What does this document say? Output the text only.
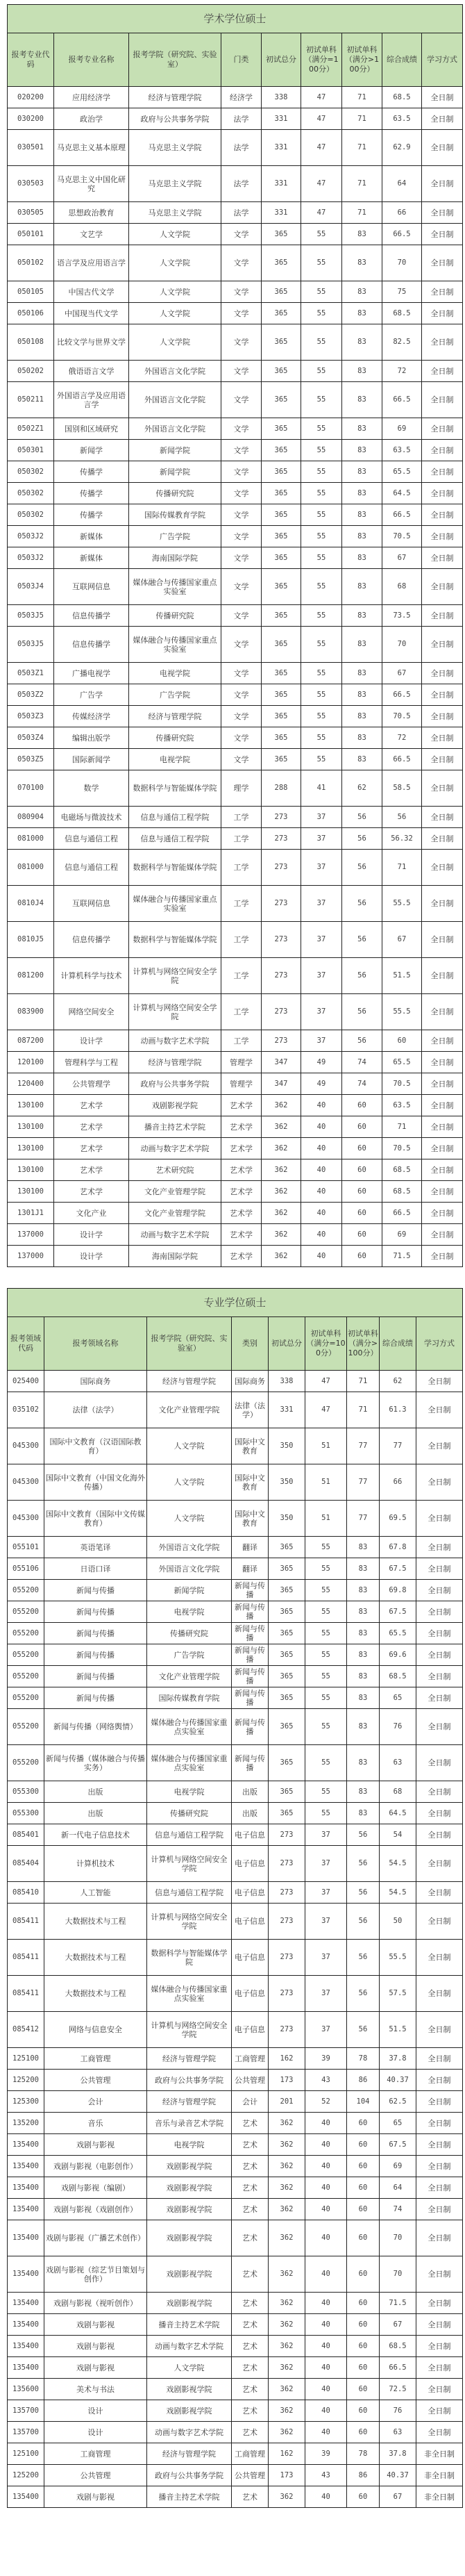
学术学位硕士								
报考专业代码	报考专业名称	报考学院（研究院、实验室）	门类	初试总分	初试单科（满分=100分）	初试单科（满分>100分）	综合成绩	学习方式
020200	应用经济学	经济与管理学院	经济学	338	47	71	68.5	全日制
030200	政治学	政府与公共事务学院	法学	331	47	71	63.5	全日制
030501	马克思主义基本原理	马克思主义学院	法学	331	47	71	62.9	全日制
030503	马克思主义中国化研究	马克思主义学院	法学	331	47	71	64	全日制
030505	思想政治教育	马克思主义学院	法学	331	47	71	66	全日制
050101	文艺学	人文学院	文学	365	55	83	66.5	全日制
050102	语言学及应用语言学	人文学院	文学	365	55	83	70	全日制
050105	中国古代文学	人文学院	文学	365	55	83	75	全日制
050106	中国现当代文学	人文学院	文学	365	55	83	68.5	全日制
050108	比较文学与世界文学	人文学院	文学	365	55	83	82.5	全日制
050202	俄语语言文学	外国语言文化学院	文学	365	55	83	72	全日制
050211	外国语言学及应用语言学	外国语言文化学院	文学	365	55	83	66.5	全日制
0502Z1	国别和区域研究	外国语言文化学院	文学	365	55	83	69	全日制
050301	新闻学	新闻学院	文学	365	55	83	63.5	全日制
050302	传播学	新闻学院	文学	365	55	83	65.5	全日制
050302	传播学	传播研究院	文学	365	55	83	64.5	全日制
050302	传播学	国际传媒教育学院	文学	365	55	83	66.5	全日制
0503J2	新媒体	广告学院	文学	365	55	83	70.5	全日制
0503J2	新媒体	海南国际学院	文学	365	55	83	67	全日制
0503J4	互联网信息	媒体融合与传播国家重点实验室	文学	365	55	83	68	全日制
0503J5	信息传播学	传播研究院	文学	365	55	83	73.5	全日制
0503J5	信息传播学	媒体融合与传播国家重点实验室	文学	365	55	83	70	全日制
0503Z1	广播电视学	电视学院	文学	365	55	83	67	全日制
0503Z2	广告学	广告学院	文学	365	55	83	66.5	全日制
0503Z3	传媒经济学	经济与管理学院	文学	365	55	83	70.5	全日制
0503Z4	编辑出版学	传播研究院	文学	365	55	83	72	全日制
0503Z5	国际新闻学	电视学院	文学	365	55	83	66.5	全日制
070100	数学	数据科学与智能媒体学院	理学	288	41	62	58.5	全日制
080904	电磁场与微波技术	信息与通信工程学院	工学	273	37	56	56	全日制
081000	信息与通信工程	信息与通信工程学院	工学	273	37	56	56.32	全日制
081000	信息与通信工程	数据科学与智能媒体学院	工学	273	37	56	71	全日制
0810J4	互联网信息	媒体融合与传播国家重点实验室	工学	273	37	56	55.5	全日制
0810J5	信息传播学	数据科学与智能媒体学院	工学	273	37	56	67	全日制
081200	计算机科学与技术	计算机与网络空间安全学院	工学	273	37	56	51.5	全日制
083900	网络空间安全	计算机与网络空间安全学院	工学	273	37	56	55.5	全日制
087200	设计学	动画与数字艺术学院	工学	273	37	56	60	全日制
120100	管理科学与工程	经济与管理学院	管理学	347	49	74	65.5	全日制
120400	公共管理学	政府与公共事务学院	管理学	347	49	74	70.5	全日制
130100	艺术学	戏剧影视学院	艺术学	362	40	60	63.5	全日制
130100	艺术学	播音主持艺术学院	艺术学	362	40	60	71	全日制
130100	艺术学	动画与数字艺术学院	艺术学	362	40	60	70.5	全日制
130100	艺术学	艺术研究院	艺术学	362	40	60	68.5	全日制
130100	艺术学	文化产业管理学院	艺术学	362	40	60	68.5	全日制
1301J1	文化产业	文化产业管理学院	艺术学	362	40	60	66.5	全日制
137000	设计学	动画与数字艺术学院	艺术学	362	40	60	69	全日制
137000	设计学	海南国际学院	艺术学	362	40	60	71.5	全日制
专业学位硕士								
报考领域代码	报考领域名称	报考学院（研究院、实验室）	类别	初试总分	初试单科（满分=100分）	初试单科（满分>100分）	综合成绩	学习方式
025400	国际商务	经济与管理学院	国际商务	338	47	71	62	全日制
035102	法律（法学）	文化产业管理学院	法律（法学）	331	47	71	61.3	全日制
045300	国际中文教育（汉语国际教育）	人文学院	国际中文教育	350	51	77	77	全日制
045300	国际中文教育（中国文化海外传播）	人文学院	国际中文教育	350	51	77	66	全日制
045300	国际中文教育（国际中文传媒教育）	人文学院	国际中文教育	350	51	77	69.5	全日制
055101	英语笔译	外国语言文化学院	翻译	365	55	83	67.8	全日制
055106	日语口译	外国语言文化学院	翻译	365	55	83	67.5	全日制
055200	新闻与传播	新闻学院	新闻与传播	365	55	83	69.8	全日制
055200	新闻与传播	电视学院	新闻与传播	365	55	83	67.5	全日制
055200	新闻与传播	传播研究院	新闻与传播	365	55	83	65.5	全日制
055200	新闻与传播	广告学院	新闻与传播	365	55	83	69.6	全日制
055200	新闻与传播	文化产业管理学院	新闻与传播	365	55	83	68.5	全日制
055200	新闻与传播	国际传媒教育学院	新闻与传播	365	55	83	65	全日制
055200	新闻与传播（网络舆情）	媒体融合与传播国家重点实验室	新闻与传播	365	55	83	76	全日制
055200	新闻与传播（媒体融合与传播实务）	媒体融合与传播国家重点实验室	新闻与传播	365	55	83	63	全日制
055300	出版	电视学院	出版	365	55	83	68	全日制
055300	出版	传播研究院	出版	365	55	83	64.5	全日制
085401	新一代电子信息技术	信息与通信工程学院	电子信息	273	37	56	54	全日制
085404	计算机技术	计算机与网络空间安全学院	电子信息	273	37	56	54.5	全日制
085410	人工智能	信息与通信工程学院	电子信息	273	37	56	54.5	全日制
085411	大数据技术与工程	计算机与网络空间安全学院	电子信息	273	37	56	50	全日制
085411	大数据技术与工程	数据科学与智能媒体学院	电子信息	273	37	56	55.5	全日制
085411	大数据技术与工程	媒体融合与传播国家重点实验室	电子信息	273	37	56	57.5	全日制
085412	网络与信息安全	计算机与网络空间安全学院	电子信息	273	37	56	51.5	全日制
125100	工商管理	经济与管理学院	工商管理	162	39	78	37.8	全日制
125200	公共管理	政府与公共事务学院	公共管理	173	43	86	40.37	全日制
125300	会计	经济与管理学院	会计	201	52	104	62.5	全日制
135200	音乐	音乐与录音艺术学院	艺术	362	40	60	65	全日制
135400	戏剧与影视	电视学院	艺术	362	40	60	67.5	全日制
135400	戏剧与影视（电影创作）	戏剧影视学院	艺术	362	40	60	69	全日制
135400	戏剧与影视（编剧）	戏剧影视学院	艺术	362	40	60	64	全日制
135400	戏剧与影视（戏剧创作）	戏剧影视学院	艺术	362	40	60	74	全日制
135400	戏剧与影视（广播艺术创作）	戏剧影视学院	艺术	362	40	60	70	全日制
135400	戏剧与影视（综艺节目策划与创作）	戏剧影视学院	艺术	362	40	60	70	全日制
135400	戏剧与影视（视听创作）	戏剧影视学院	艺术	362	40	60	71.5	全日制
135400	戏剧与影视	播音主持艺术学院	艺术	362	40	60	67	全日制
135400	戏剧与影视	动画与数字艺术学院	艺术	362	40	60	68.5	全日制
135400	戏剧与影视	人文学院	艺术	362	40	60	66.5	全日制
135600	美术与书法	戏剧影视学院	艺术	362	40	60	72.5	全日制
135700	设计	戏剧影视学院	艺术	362	40	60	76	全日制
135700	设计	动画与数字艺术学院	艺术	362	40	60	63	全日制
125100	工商管理	经济与管理学院	工商管理	162	39	78	37.8	非全日制
125200	公共管理	政府与公共事务学院	公共管理	173	43	86	40.37	非全日制
135400	戏剧与影视	播音主持艺术学院	艺术	362	40	60	67	非全日制
